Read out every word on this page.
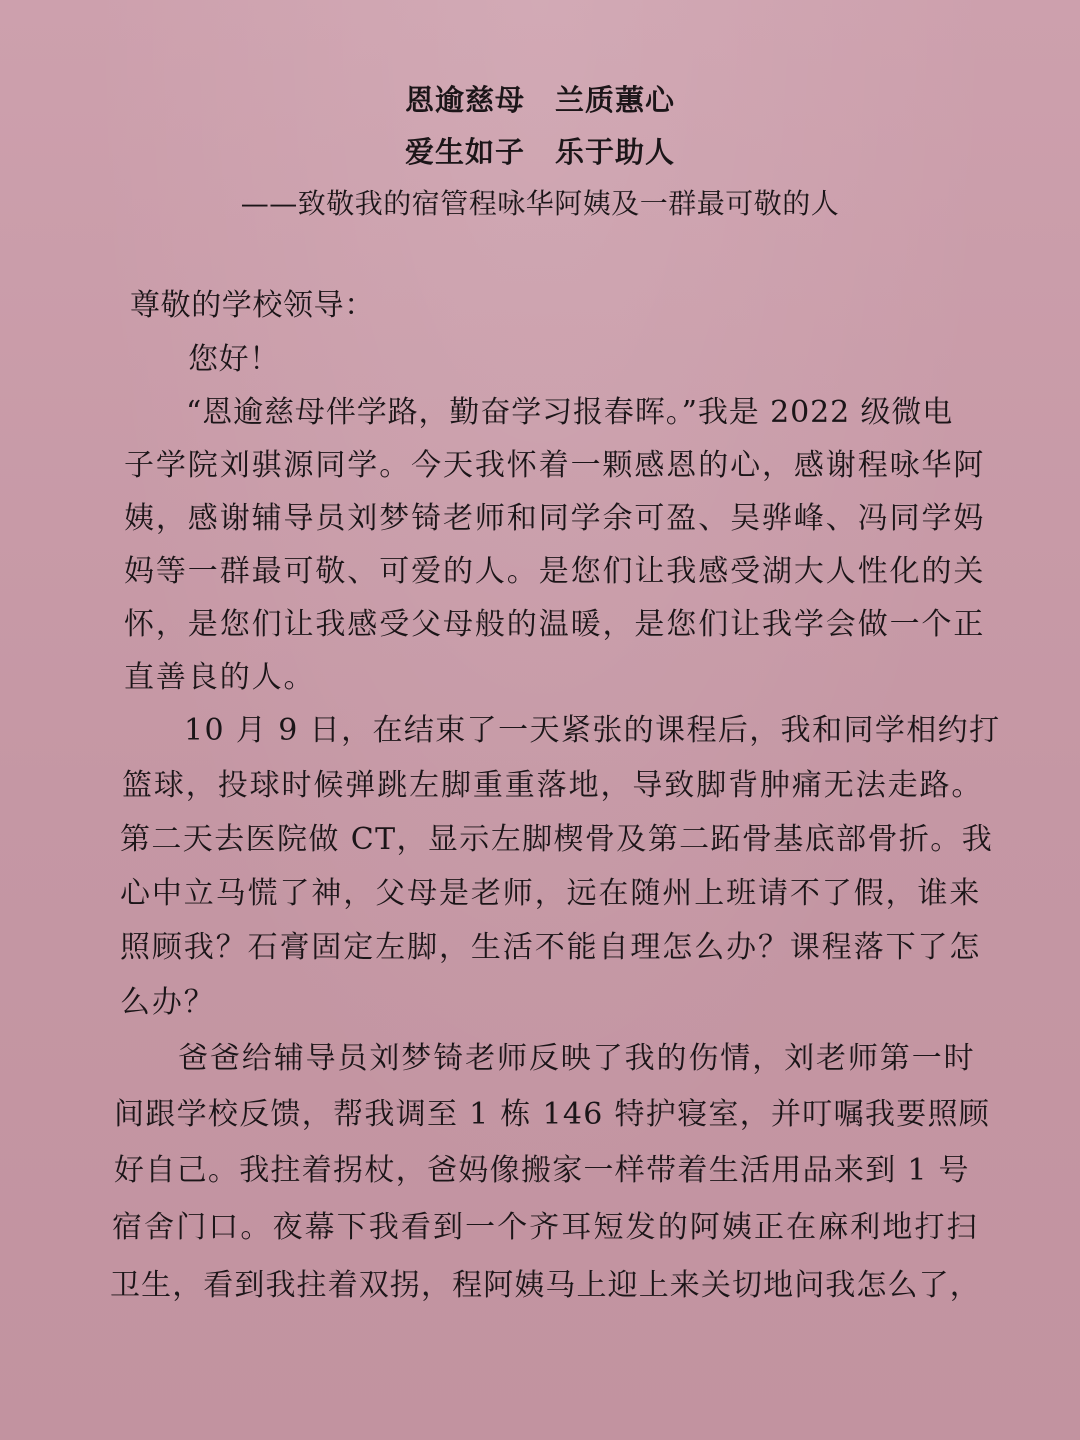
恩逾慈母　兰质蕙心
爱生如子　乐于助人
——致敬我的宿管程咏华阿姨及一群最可敬的人
尊敬的学校领导：
您好！
“恩逾慈母伴学路，勤奋学习报春晖。”我是 2022 级微电
子学院刘骐源同学。今天我怀着一颗感恩的心，感谢程咏华阿
姨，感谢辅导员刘梦锜老师和同学余可盈、吴骅峰、冯同学妈
妈等一群最可敬、可爱的人。是您们让我感受湖大人性化的关
怀，是您们让我感受父母般的温暖，是您们让我学会做一个正
直善良的人。
10 月 9 日，在结束了一天紧张的课程后，我和同学相约打
篮球，投球时候弹跳左脚重重落地，导致脚背肿痛无法走路。
第二天去医院做 CT，显示左脚楔骨及第二跖骨基底部骨折。我
心中立马慌了神，父母是老师，远在随州上班请不了假，谁来
照顾我？石膏固定左脚，生活不能自理怎么办？课程落下了怎
么办？
爸爸给辅导员刘梦锜老师反映了我的伤情，刘老师第一时
间跟学校反馈，帮我调至 1 栋 146 特护寝室，并叮嘱我要照顾
好自己。我拄着拐杖，爸妈像搬家一样带着生活用品来到 1 号
宿舍门口。夜幕下我看到一个齐耳短发的阿姨正在麻利地打扫
卫生，看到我拄着双拐，程阿姨马上迎上来关切地问我怎么了，
